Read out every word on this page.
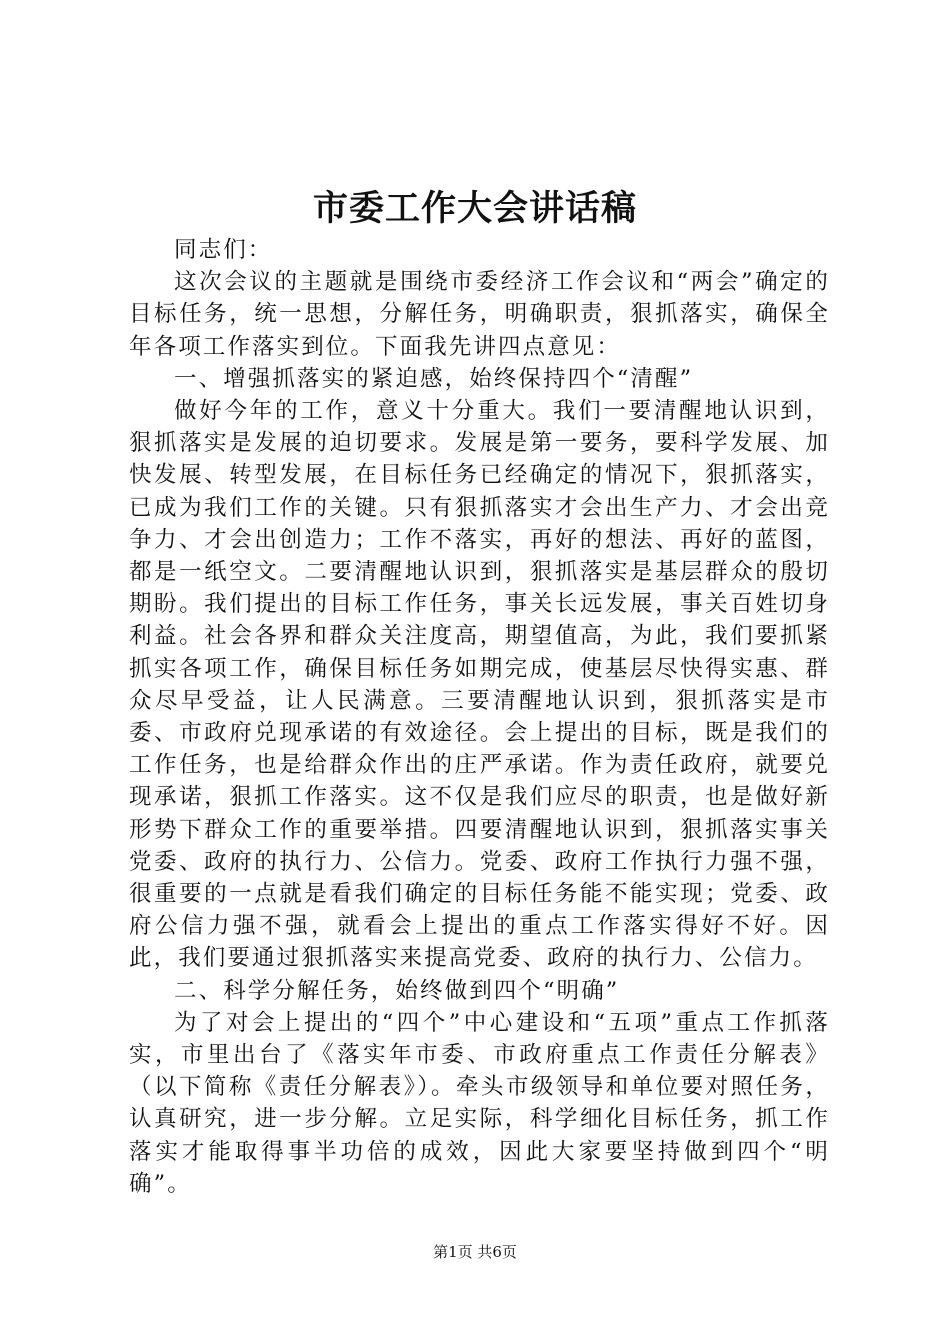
市委工作大会讲话稿

同志们：

这次会议的主题就是围绕市委经济工作会议和“两会”确定的目标任务，统一思想，分解任务，明确职责，狠抓落实，确保全年各项工作落实到位。下面我先讲四点意见：

一、增强抓落实的紧迫感，始终保持四个“清醒”

做好今年的工作，意义十分重大。我们一要清醒地认识到，狠抓落实是发展的迫切要求。发展是第一要务，要科学发展、加快发展、转型发展，在目标任务已经确定的情况下，狠抓落实，已成为我们工作的关键。只有狠抓落实才会出生产力、才会出竞争力、才会出创造力；工作不落实，再好的想法、再好的蓝图，都是一纸空文。二要清醒地认识到，狠抓落实是基层群众的殷切期盼。我们提出的目标工作任务，事关长远发展，事关百姓切身利益。社会各界和群众关注度高，期望值高，为此，我们要抓紧抓实各项工作，确保目标任务如期完成，使基层尽快得实惠、群众尽早受益，让人民满意。三要清醒地认识到，狠抓落实是市委、市政府兑现承诺的有效途径。会上提出的目标，既是我们的工作任务，也是给群众作出的庄严承诺。作为责任政府，就要兑现承诺，狠抓工作落实。这不仅是我们应尽的职责，也是做好新形势下群众工作的重要举措。四要清醒地认识到，狠抓落实事关党委、政府的执行力、公信力。党委、政府工作执行力强不强，很重要的一点就是看我们确定的目标任务能不能实现；党委、政府公信力强不强，就看会上提出的重点工作落实得好不好。因此，我们要通过狠抓落实来提高党委、政府的执行力、公信力。

二、科学分解任务，始终做到四个“明确”

为了对会上提出的“四个”中心建设和“五项”重点工作抓落实，市里出台了《落实年市委、市政府重点工作责任分解表》（以下简称《责任分解表》）。牵头市级领导和单位要对照任务，认真研究，进一步分解。立足实际，科学细化目标任务，抓工作落实才能取得事半功倍的成效，因此大家要坚持做到四个“明确”。

第1页 共6页
